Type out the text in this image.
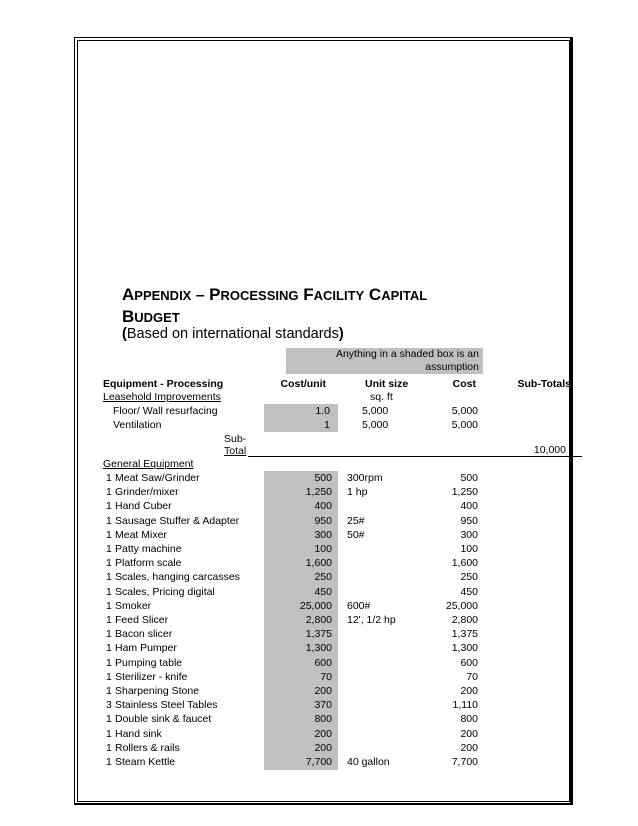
APPENDIX – PROCESSING FACILITY CAPITAL
BUDGET
(Based on international standards)
Anything in a shaded box is an
assumption
Equipment - Processing	Cost/unit	Unit size	Cost	Sub-Totals
Leasehold Improvements	sq. ft
Floor/ Wall resurfacing	1.0	5,000	5,000
Ventilation	1	5,000	5,000
Sub-
Total	10,000
General Equipment
1 Meat Saw/Grinder	500 300rpm	500
1 Grinder/mixer	1,250 1 hp	1,250
1 Hand Cuber	400	400
1 Sausage Stuffer & Adapter	950 25#	950
1 Meat Mixer	300 50#	300
1 Patty machine	100	100
1 Platform scale	1,600	1,600
1 Scales, hanging carcasses	250	250
1 Scales, Pricing digital	450	450
1 Smoker	25,000 600#	25,000
1 Feed Slicer	2,800 12', 1/2 hp	2,800
1 Bacon slicer	1,375	1,375
1 Ham Pumper	1,300	1,300
1 Pumping table	600	600
1 Sterilizer - knife	70	70
1 Sharpening Stone	200	200
3 Stainless Steel Tables	370	1,110
1 Double sink & faucet	800	800
1 Hand sink	200	200
1 Rollers & rails	200	200
1 Steam Kettle	7,700 40 gallon	7,700
